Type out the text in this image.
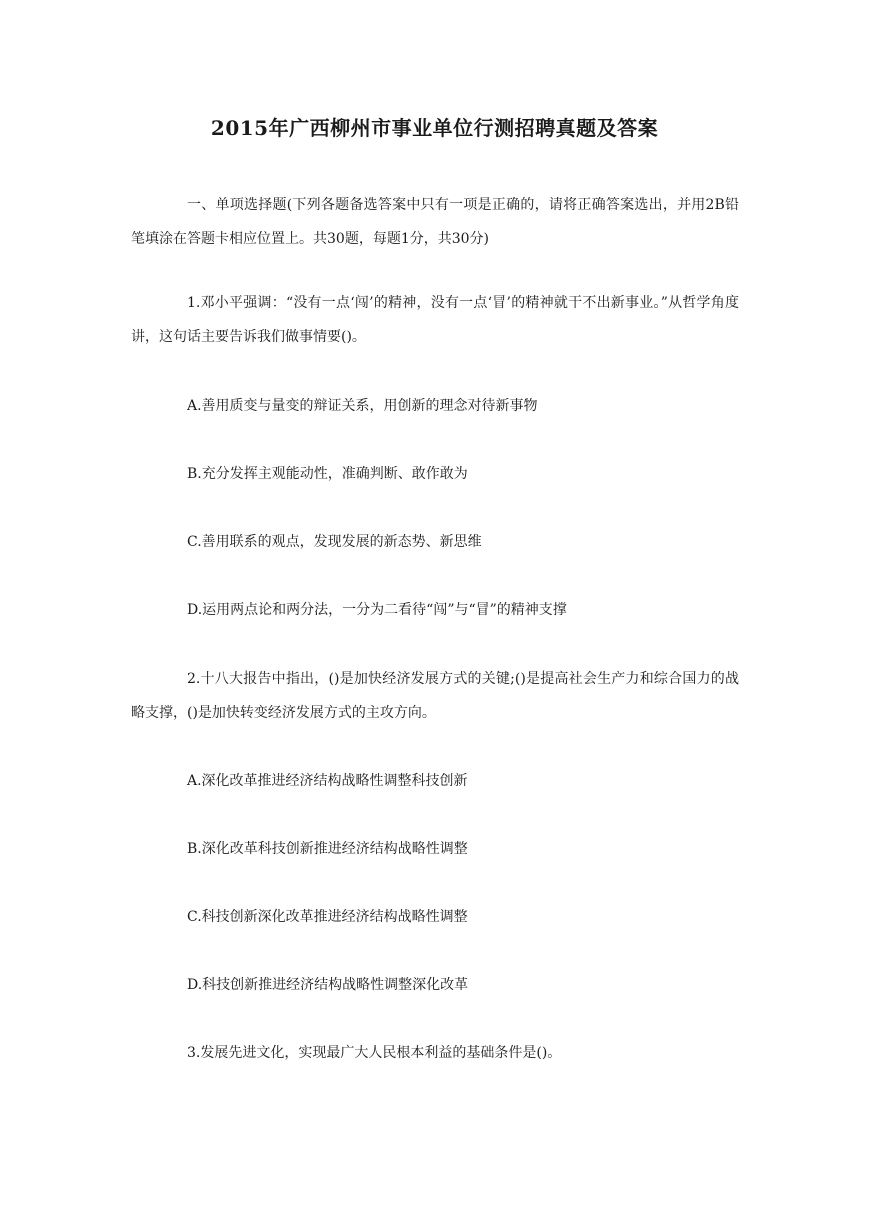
2015年广西柳州市事业单位行测招聘真题及答案

一、单项选择题(下列各题备选答案中只有一项是正确的，请将正确答案选出，并用2B铅笔填涂在答题卡相应位置上。共30题，每题1分，共30分)

1.邓小平强调：“没有一点‘闯’的精神，没有一点‘冒’的精神就干不出新事业。”从哲学角度讲，这句话主要告诉我们做事情要()。

A.善用质变与量变的辩证关系，用创新的理念对待新事物

B.充分发挥主观能动性，准确判断、敢作敢为

C.善用联系的观点，发现发展的新态势、新思维

D.运用两点论和两分法，一分为二看待“闯”与“冒”的精神支撑

2.十八大报告中指出，()是加快经济发展方式的关键;()是提高社会生产力和综合国力的战略支撑，()是加快转变经济发展方式的主攻方向。

A.深化改革推进经济结构战略性调整科技创新

B.深化改革科技创新推进经济结构战略性调整

C.科技创新深化改革推进经济结构战略性调整

D.科技创新推进经济结构战略性调整深化改革

3.发展先进文化，实现最广大人民根本利益的基础条件是()。
